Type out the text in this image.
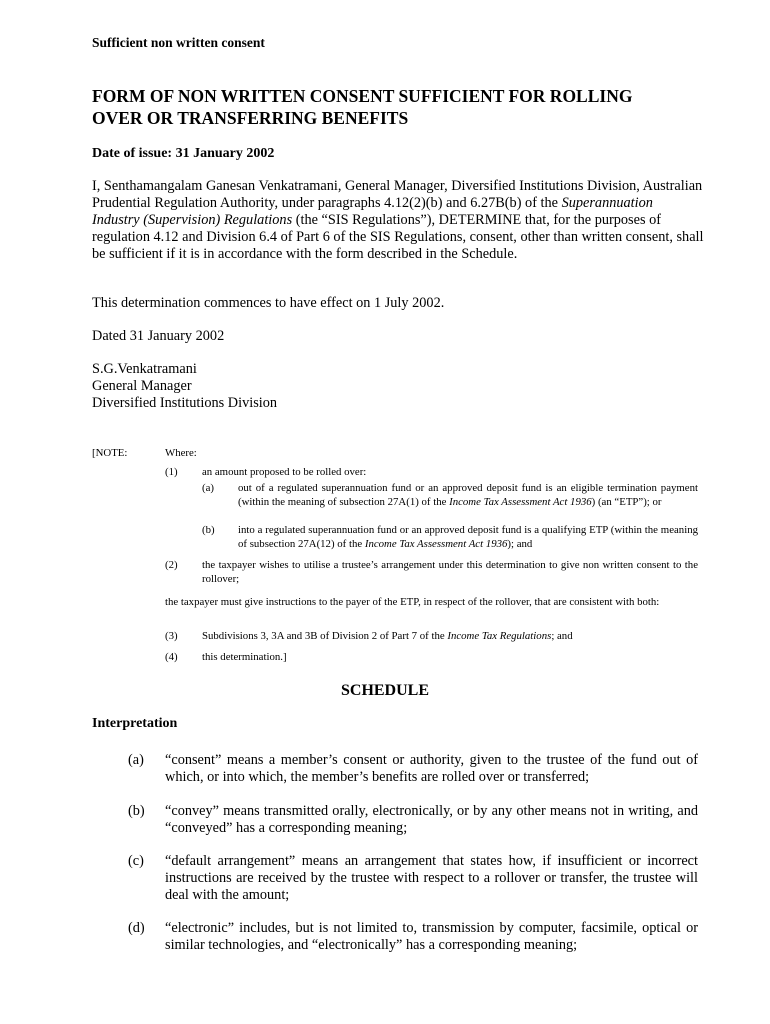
Sufficient non written consent
FORM OF NON WRITTEN CONSENT SUFFICIENT FOR ROLLING
OVER OR TRANSFERRING BENEFITS
Date of issue: 31 January 2002
I, Senthamangalam Ganesan Venkatramani, General Manager, Diversified Institutions Division, Australian Prudential Regulation Authority, under paragraphs 4.12(2)(b) and 6.27B(b) of the Superannuation Industry (Supervision) Regulations (the “SIS Regulations”), DETERMINE that, for the purposes of regulation 4.12 and Division 6.4 of Part 6 of the SIS Regulations, consent, other than written consent, shall be sufficient if it is in accordance with the form described in the Schedule.
This determination commences to have effect on 1 July 2002.
Dated 31 January 2002
S.G.Venkatramani
General Manager
Diversified Institutions Division
[NOTE:	Where:
(1)	an amount proposed to be rolled over:
(a)	out of a regulated superannuation fund or an approved deposit fund is an eligible termination payment (within the meaning of subsection 27A(1) of the Income Tax Assessment Act 1936) (an “ETP”); or
(b)	into a regulated superannuation fund or an approved deposit fund is a qualifying ETP (within the meaning of subsection 27A(12) of the Income Tax Assessment Act 1936); and
(2)	the taxpayer wishes to utilise a trustee’s arrangement under this determination to give non written consent to the rollover;
the taxpayer must give instructions to the payer of the ETP, in respect of the rollover, that are consistent with both:
(3)	Subdivisions 3, 3A and 3B of Division 2 of Part 7 of the Income Tax Regulations; and
(4)	this determination.]
SCHEDULE
Interpretation
(a) “consent” means a member’s consent or authority, given to the trustee of the fund out of which, or into which, the member’s benefits are rolled over or transferred;
(b) “convey” means transmitted orally, electronically, or by any other means not in writing, and “conveyed” has a corresponding meaning;
(c) “default arrangement” means an arrangement that states how, if insufficient or incorrect instructions are received by the trustee with respect to a rollover or transfer, the trustee will deal with the amount;
(d) “electronic” includes, but is not limited to, transmission by computer, facsimile, optical or similar technologies, and “electronically” has a corresponding meaning;
